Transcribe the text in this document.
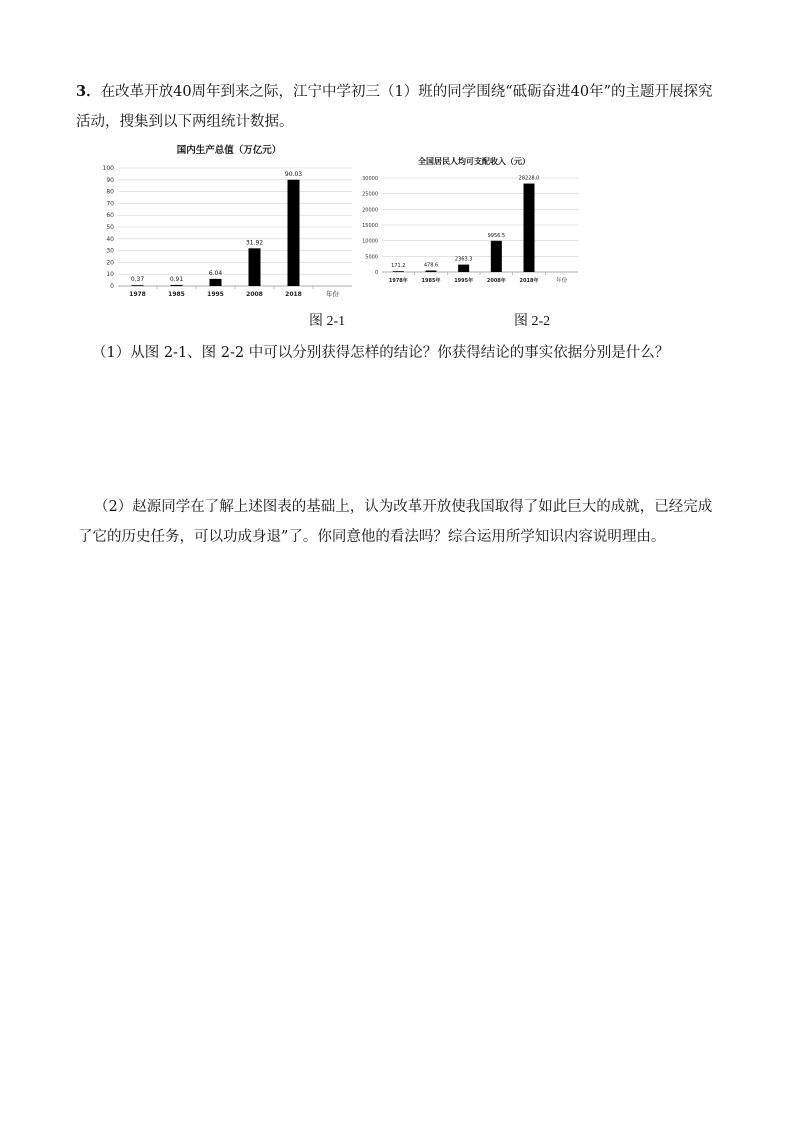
3．在改革开放40周年到来之际，江宁中学初三（1）班的同学围绕“砥砺奋进40年”的主题开展探究
活动，搜集到以下两组统计数据。

国内生产总值（万亿元）
0
10
20
30
40
50
60
70
80
90
100
0.37
1978
0.91
1985
6.04
1995
31.92
2008
90.03
2018	年份
全国居民人均可支配收入（元）
0
5000
10000
15000
20000
25000
30000
171.2
1978年
478.6
1985年
2363.3
1995年
9956.5
2008年
28228.0
2018年	年份
图 2-1	图 2-2

（1）从图 2-1、图 2-2 中可以分别获得怎样的结论？你获得结论的事实依据分别是什么？

（2）赵源同学在了解上述图表的基础上，认为改革开放使我国取得了如此巨大的成就，已经完成
了它的历史任务，可以功成身退”了。你同意他的看法吗？综合运用所学知识内容说明理由。
